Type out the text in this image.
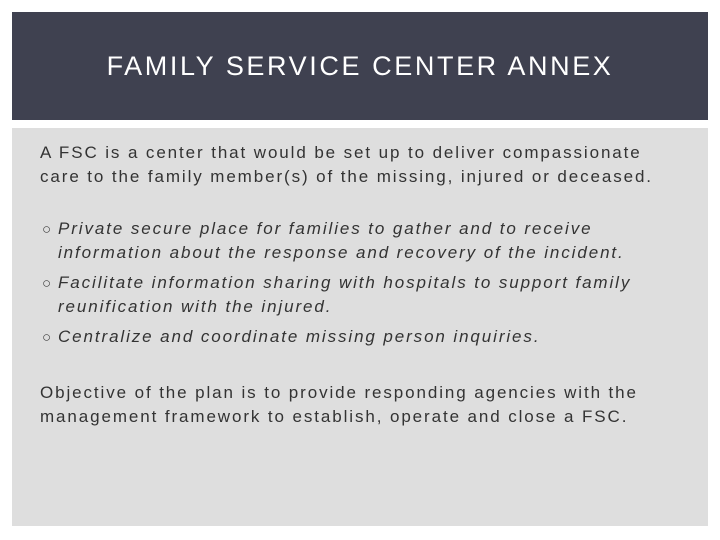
FAMILY SERVICE CENTER ANNEX

A FSC is a center that would be set up to deliver compassionate care to the family member(s) of the missing, injured or deceased.

○ Private secure place for families to gather and to receive information about the response and recovery of the incident.
○ Facilitate information sharing with hospitals to support family reunification with the injured.
○ Centralize and coordinate missing person inquiries.

Objective of the plan is to provide responding agencies with the management framework to establish, operate and close a FSC.
